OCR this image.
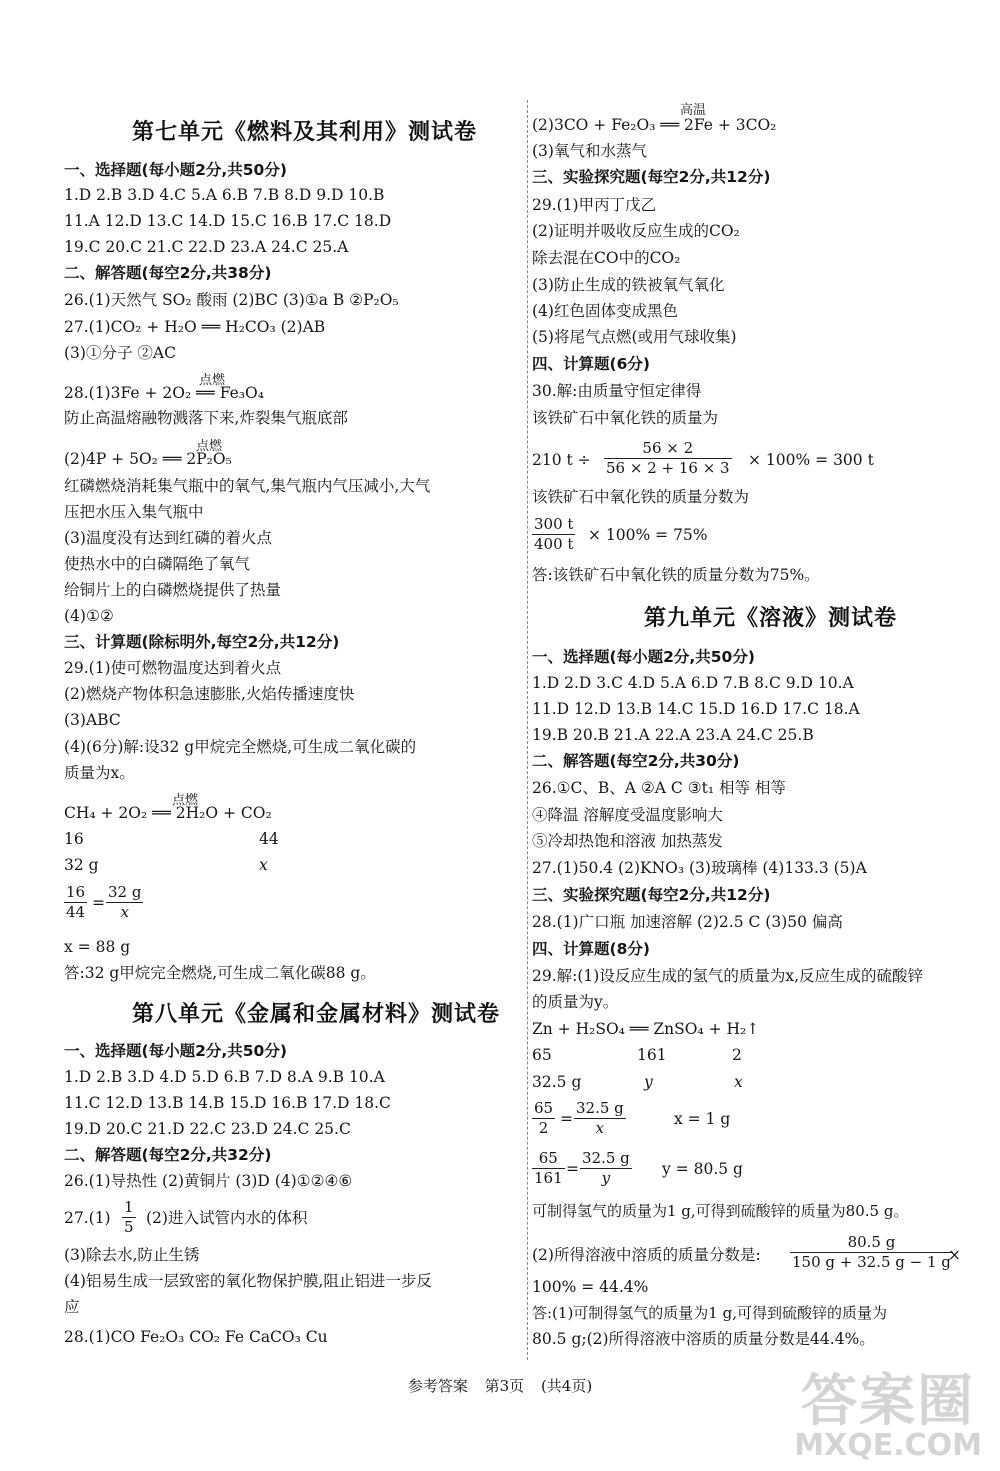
第七单元《燃料及其利用》测试卷
一、选择题(每小题2分,共50分)
1.D 2.B 3.D 4.C 5.A 6.B 7.B 8.D 9.D 10.B
11.A 12.D 13.C 14.D 15.C 16.B 17.C 18.D
19.C 20.C 21.C 22.D 23.A 24.C 25.A
二、解答题(每空2分,共38分)
26.(1)天然气 SO₂ 酸雨 (2)BC (3)①a B ②P₂O₅
27.(1)CO₂ + H₂O ══ H₂CO₃ (2)AB
(3)①分子 ②AC
点燃
28.(1)3Fe + 2O₂ ══ Fe₃O₄
防止高温熔融物溅落下来,炸裂集气瓶底部
点燃
(2)4P + 5O₂ ══ 2P₂O₅
红磷燃烧消耗集气瓶中的氧气,集气瓶内气压减小,大气
压把水压入集气瓶中
(3)温度没有达到红磷的着火点
使热水中的白磷隔绝了氧气
给铜片上的白磷燃烧提供了热量
(4)①②
三、计算题(除标明外,每空2分,共12分)
29.(1)使可燃物温度达到着火点
(2)燃烧产物体积急速膨胀,火焰传播速度快
(3)ABC
(4)(6分)解:设32 g甲烷完全燃烧,可生成二氧化碳的
质量为x。
点燃
CH₄ + 2O₂ ══ 2H₂O + CO₂
16	44
32 g	x
$\frac{16}{44} = \frac{32 g}{x}$
x = 88 g
答:32 g甲烷完全燃烧,可生成二氧化碳88 g。
第八单元《金属和金属材料》测试卷
一、选择题(每小题2分,共50分)
1.D 2.B 3.D 4.D 5.D 6.B 7.D 8.A 9.B 10.A
11.C 12.D 13.B 14.B 15.D 16.B 17.D 18.C
19.D 20.C 21.D 22.C 23.D 24.C 25.C
二、解答题(每空2分,共32分)
26.(1)导热性 (2)黄铜片 (3)D (4)①②④⑥
$27.(1) \frac{1}{5} (2)$进入试管内水的体积
(3)除去水,防止生锈
(4)铝易生成一层致密的氧化物保护膜,阻止铝进一步反
应
28.(1)CO Fe₂O₃ CO₂ Fe CaCO₃ Cu
高温
(2)3CO + Fe₂O₃ ══ 2Fe + 3CO₂
(3)氧气和水蒸气
三、实验探究题(每空2分,共12分)
29.(1)甲丙丁戊乙
(2)证明并吸收反应生成的CO₂
除去混在CO中的CO₂
(3)防止生成的铁被氧气氧化
(4)红色固体变成黑色
(5)将尾气点燃(或用气球收集)
四、计算题(6分)
30.解:由质量守恒定律得
该铁矿石中氧化铁的质量为
210 $t \div \frac{56 \times 2}{56 \times 2 + 16 \times 3} \times 100\% = 300$ t
该铁矿石中氧化铁的质量分数为
$\frac{300 t}{400 t} \times 100\% = 75\%$
答:该铁矿石中氧化铁的质量分数为75%。
第九单元《溶液》测试卷
一、选择题(每小题2分,共50分)
1.D 2.D 3.C 4.D 5.A 6.D 7.B 8.C 9.D 10.A
11.D 12.D 13.B 14.C 15.D 16.D 17.C 18.A
19.B 20.B 21.A 22.A 23.A 24.C 25.B
二、解答题(每空2分,共30分)
26.①C、B、A ②A C ③t₁ 相等 相等
④降温 溶解度受温度影响大
⑤冷却热饱和溶液 加热蒸发
27.(1)50.4 (2)KNO₃ (3)玻璃棒 (4)133.3 (5)A
三、实验探究题(每空2分,共12分)
28.(1)广口瓶 加速溶解 (2)2.5 C (3)50 偏高
四、计算题(8分)
29.解:(1)设反应生成的氢气的质量为x,反应生成的硫酸锌
的质量为y。
Zn + H₂SO₄ ══ ZnSO₄ + H₂↑
65	161	2
32.5 g	y	x
$\frac{65}{2} = \frac{32.5 g}{x}$	x = 1 g
$\frac{65}{161} = \frac{32.5 g}{y}$ y = 80.5 g
可制得氢气的质量为1 g,可得到硫酸锌的质量为80.5 g。
(2)所得溶液中溶质的质量分数是: $\frac{80.5 g}{150 g + 32.5 g - 1 g}$
×
100% = 44.4%
答:(1)可制得氢气的质量为1 g,可得到硫酸锌的质量为
80.5 g;(2)所得溶液中溶质的质量分数是44.4%。
参考答案 第3页 (共4页)	答案圈
MXQE.COM
